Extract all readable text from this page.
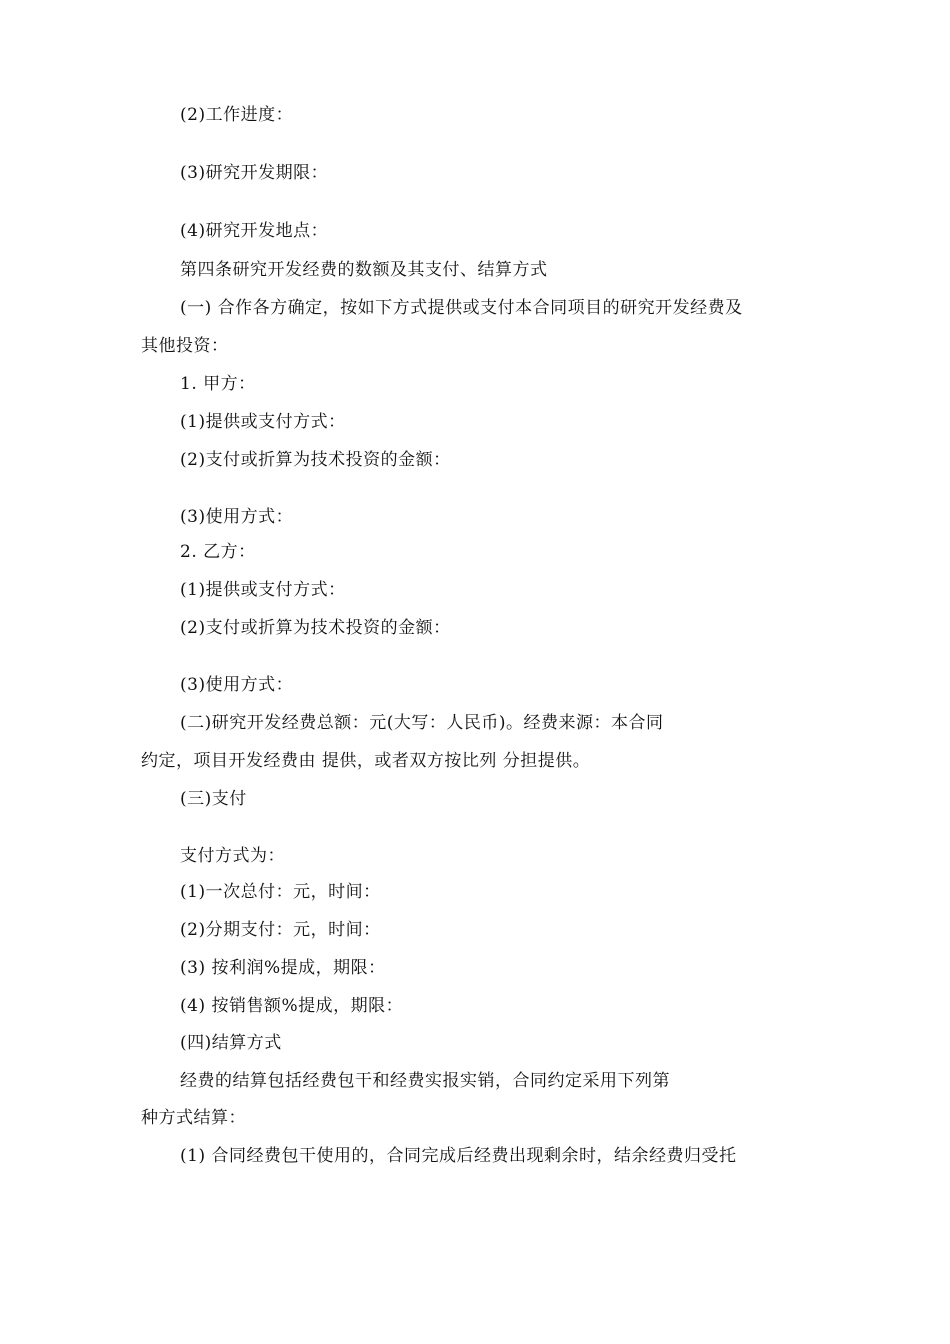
(2)工作进度：
(3)研究开发期限：
(4)研究开发地点：
第四条研究开发经费的数额及其支付、结算方式
(一) 合作各方确定，按如下方式提供或支付本合同项目的研究开发经费及
其他投资：
1. 甲方：
(1)提供或支付方式：
(2)支付或折算为技术投资的金额：
(3)使用方式：
2. 乙方：
(1)提供或支付方式：
(2)支付或折算为技术投资的金额：
(3)使用方式：
(二)研究开发经费总额：元(大写：人民币)。经费来源：本合同
约定，项目开发经费由 提供，或者双方按比列 分担提供。
(三)支付
支付方式为：
(1)一次总付：元，时间：
(2)分期支付：元，时间：
(3) 按利润%提成，期限：
(4) 按销售额%提成，期限：
(四)结算方式
经费的结算包括经费包干和经费实报实销，合同约定采用下列第
种方式结算：
(1) 合同经费包干使用的，合同完成后经费出现剩余时，结余经费归受托
